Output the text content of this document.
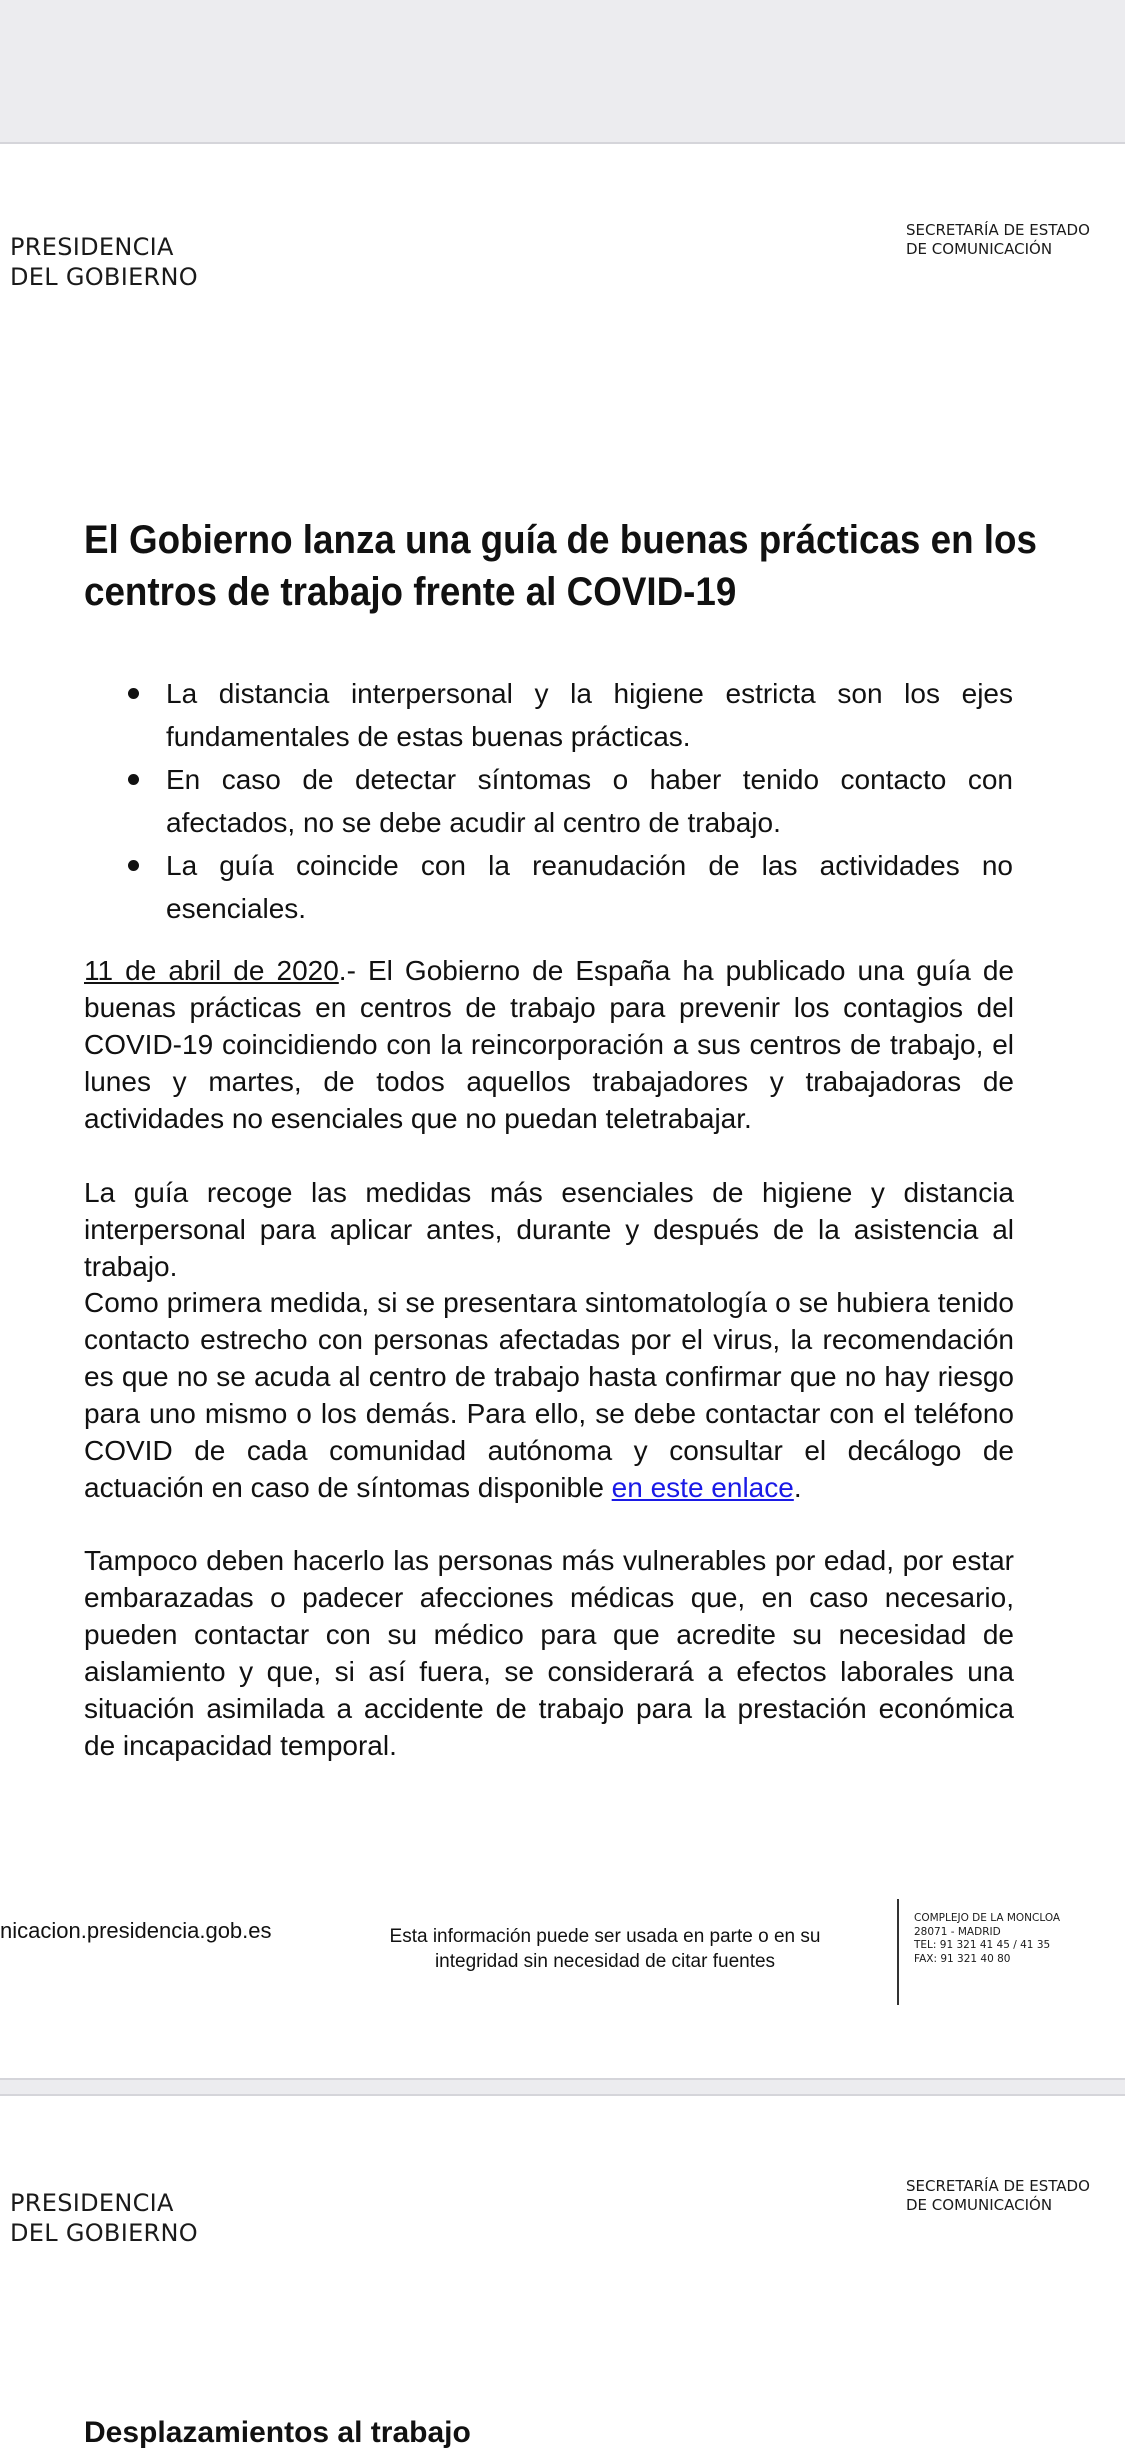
PRESIDENCIA
DEL GOBIERNO
SECRETARÍA DE ESTADO
DE COMUNICACIÓN
El Gobierno lanza una guía de buenas prácticas en los centros de trabajo frente al COVID-19
La distancia interpersonal y la higiene estricta son los ejes fundamentales de estas buenas prácticas.
En caso de detectar síntomas o haber tenido contacto con afectados, no se debe acudir al centro de trabajo.
La guía coincide con la reanudación de las actividades no esenciales.

11 de abril de 2020.- El Gobierno de España ha publicado una guía de buenas prácticas en centros de trabajo para prevenir los contagios del COVID-19 coincidiendo con la reincorporación a sus centros de trabajo, el lunes y martes, de todos aquellos trabajadores y trabajadoras de actividades no esenciales que no puedan teletrabajar.

La guía recoge las medidas más esenciales de higiene y distancia interpersonal para aplicar antes, durante y después de la asistencia al trabajo.

Como primera medida, si se presentara sintomatología o se hubiera tenido contacto estrecho con personas afectadas por el virus, la recomendación es que no se acuda al centro de trabajo hasta confirmar que no hay riesgo para uno mismo o los demás. Para ello, se debe contactar con el teléfono COVID de cada comunidad autónoma y consultar el decálogo de actuación en caso de síntomas disponible en este enlace.

Tampoco deben hacerlo las personas más vulnerables por edad, por estar embarazadas o padecer afecciones médicas que, en caso necesario, pueden contactar con su médico para que acredite su necesidad de aislamiento y que, si así fuera, se considerará a efectos laborales una situación asimilada a accidente de trabajo para la prestación económica de incapacidad temporal.

nicacion.presidencia.gob.es	Esta información puede ser usada en parte o en su integridad sin necesidad de citar fuentes

COMPLEJO DE LA MONCLOA
28071 - MADRID
TEL: 91 321 41 45 / 41 35
FAX: 91 321 40 80
PRESIDENCIA
DEL GOBIERNO
SECRETARÍA DE ESTADO
DE COMUNICACIÓN
Desplazamientos al trabajo
